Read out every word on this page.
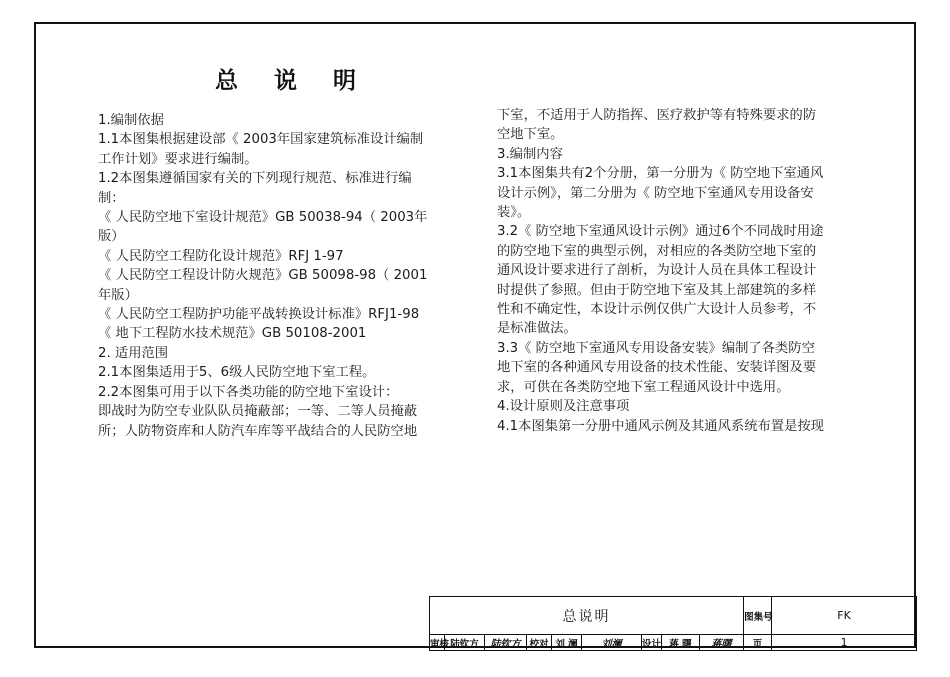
总 说 明

1.编制依据

1.1本图集根据建设部《 2003年国家建筑标准设计编制

工作计划》要求进行编制。

1.2本图集遵循国家有关的下列现行规范、标准进行编

制：

《 人民防空地下室设计规范》GB 50038-94（ 2003年

版）

《 人民防空工程防化设计规范》RFJ 1-97

《 人民防空工程设计防火规范》GB 50098-98（ 2001

年版）

《 人民防空工程防护功能平战转换设计标准》RFJ1-98

《 地下工程防水技术规范》GB 50108-2001

2. 适用范围

2.1本图集适用于5、6级人民防空地下室工程。

2.2本图集可用于以下各类功能的防空地下室设计：

即战时为防空专业队队员掩蔽部；一等、二等人员掩蔽

所；人防物资库和人防汽车库等平战结合的人民防空地

下室，不适用于人防指挥、医疗救护等有特殊要求的防

空地下室。

3.编制内容

3.1本图集共有2个分册，第一分册为《 防空地下室通风

设计示例》，第二分册为《 防空地下室通风专用设备安

装》。

3.2《 防空地下室通风设计示例》通过6个不同战时用途

的防空地下室的典型示例，对相应的各类防空地下室的

通风设计要求进行了剖析，为设计人员在具体工程设计

时提供了参照。但由于防空地下室及其上部建筑的多样

性和不确定性，本设计示例仅供广大设计人员参考，不

是标准做法。

3.3《 防空地下室通风专用设备安装》编制了各类防空

地下室的各种通风专用设备的技术性能、安装详图及要

求，可供在各类防空地下室工程通风设计中选用。

4.设计原则及注意事项

4.1本图集第一分册中通风示例及其通风系统布置是按现

总说明									图集号	FK
审核	陆钦方	陆钦方	校对	刘 澜	刘澜	设计	蒋 曙	蒋曙	页	1
